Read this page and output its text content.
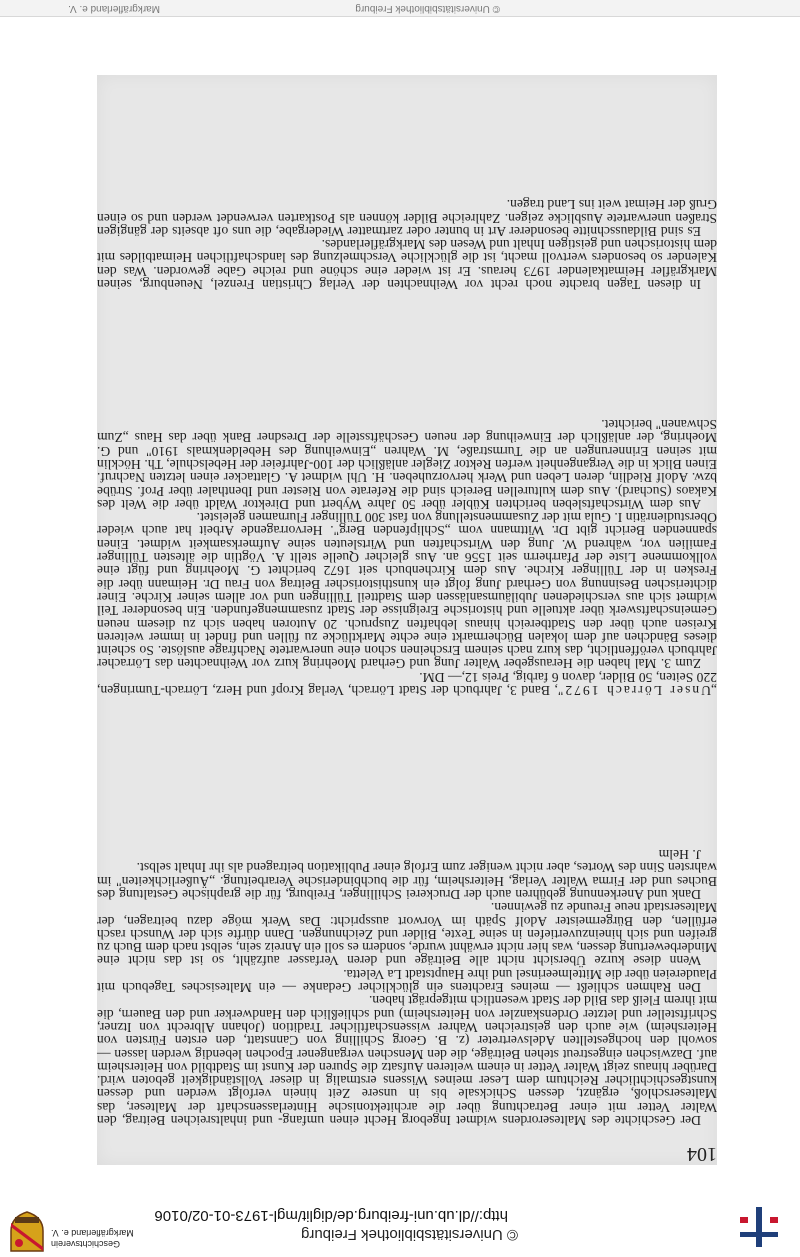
© Universitätsbibliothek Freiburg
http://dl.ub.uni-freiburg.de/diglit/mgl-1973-01-02/0106
Geschichtsverein
Markgräflerland e. V.
104

Der Geschichte des Malteserordens widmet Ingeborg Hecht einen umfang- und inhaltsreichen Beitrag, den Walter Vetter mit einer Betrachtung über die architektonische Hinterlassenschaft der Malteser, das Malteserschloß, ergänzt, dessen Schicksale bis in unsere Zeit hinein verfolgt werden und dessen kunstgeschichtlicher Reichtum dem Leser meines Wissens erstmalig in dieser Vollständigkeit geboten wird. Darüber hinaus zeigt Walter Vetter in einem weiteren Aufsatz die Spuren der Kunst im Stadtbild von Heitersheim auf. Dazwischen eingestreut stehen Beiträge, die den Menschen vergangener Epochen lebendig werden lassen — sowohl den hochgestellten Adelsvertreter (z. B. Georg Schilling von Cannstatt, den ersten Fürsten von Heitersheim) wie auch den geistreichen Wahrer wissenschaftlicher Tradition (Johann Albrecht von Itzner, Schriftsteller und letzter Ordenskanzler von Heitersheim) und schließlich den Handwerker und den Bauern, die mit ihrem Fleiß das Bild der Stadt wesentlich mitgeprägt haben.

Den Rahmen schließt — meines Erachtens ein glücklicher Gedanke — ein Maltesisches Tagebuch mit Plaudereien über die Mittelmeerinsel und ihre Hauptstadt La Veletta.

Wenn diese kurze Übersicht nicht alle Beiträge und deren Verfasser aufzählt, so ist das nicht eine Minderbewertung dessen, was hier nicht erwähnt wurde, sondern es soll ein Anreiz sein, selbst nach dem Buch zu greifen und sich hineinzuvertiefen in seine Texte, Bilder und Zeichnungen. Dann dürfte sich der Wunsch rasch erfüllen, den Bürgermeister Adolf Späth im Vorwort ausspricht: Das Werk möge dazu beitragen, der Malteserstadt neue Freunde zu gewinnen.

Dank und Anerkennung gebühren auch der Druckerei Schillinger, Freiburg, für die graphische Gestaltung des Buches und der Firma Walter Verlag, Heitersheim, für die buchbinderische Verarbeitung. „Äußerlichkeiten" im wahrsten Sinn des Wortes, aber nicht weniger zum Erfolg einer Publikation beitragend als ihr Inhalt selbst.

J. Helm

„Unser Lörrach 1972", Band 3, Jahrbuch der Stadt Lörrach, Verlag Kropf und Herz, Lörrach-Tumringen, 220 Seiten, 50 Bilder, davon 6 farbig, Preis 12,— DM.

Zum 3. Mal haben die Herausgeber Walter Jung und Gerhard Moehring kurz vor Weihnachten das Lörracher Jahrbuch veröffentlicht, das kurz nach seinem Erscheinen schon eine unerwartete Nachfrage auslöste. So scheint dieses Bändchen auf dem lokalen Büchermarkt eine echte Marktlücke zu füllen und findet in immer weiteren Kreisen auch über den Stadtbereich hinaus lebhaften Zuspruch. 20 Autoren haben sich zu diesem neuen Gemeinschaftswerk über aktuelle und historische Ereignisse der Stadt zusammengefunden. Ein besonderer Teil widmet sich aus verschiedenen Jubiläumsanlässen dem Stadtteil Tüllingen und vor allem seiner Kirche. Einer dichterischen Besinnung von Gerhard Jung folgt ein kunsthistorischer Beitrag von Frau Dr. Heimann über die Fresken in der Tüllinger Kirche. Aus dem Kirchenbuch seit 1672 berichtet G. Moehring und fügt eine vollkommene Liste der Pfarrherrn seit 1556 an. Aus gleicher Quelle stellt A. Vögtlin die ältesten Tüllinger Familien vor, während W. Jung den Wirtschaften und Wirtsleuten seine Aufmerksamkeit widmet. Einen spannenden Bericht gibt Dr. Wittmann vom „Schlipfenden Berg". Hervorragende Arbeit hat auch wieder Oberstudienrätin I. Gula mit der Zusammenstellung von fast 300 Tüllinger Flurnamen geleistet.

Aus dem Wirtschaftsleben berichten Kübler über 50 Jahre Wybert und Direktor Waldt über die Welt des Kakaos (Suchard). Aus dem kulturellen Bereich sind die Referate von Riester und Ibenthaler über Prof. Strübe bzw. Adolf Riedlin, deren Leben und Werk hervorzuheben. H. Uhl widmet A. Glattacker einen letzten Nachruf. Einen Blick in die Vergangenheit werfen Rektor Ziegler anläßlich der 100-Jahrfeier der Hebelschule, Th. Höcklin mit seinen Erinnerungen an die Turmstraße, M. Wahren „Einweihung des Hebeldenkmals 1910" und G. Moehring, der anläßlich der Einweihung der neuen Geschäftsstelle der Dresdner Bank über das Haus „Zum Schwanen" berichtet.

In diesen Tagen brachte noch recht vor Weihnachten der Verlag Christian Frenzel, Neuenburg, seinen Markgräfler Heimatkalender 1973 heraus. Er ist wieder eine schöne und reiche Gabe geworden. Was den Kalender so besonders wertvoll macht, ist die glückliche Verschmelzung des landschaftlichen Heimatbildes mit dem historischen und geistigen Inhalt und Wesen des Markgräflerlandes.

Es sind Bildausschnitte besonderer Art in bunter oder zartmatter Wiedergabe, die uns oft abseits der gängigen Straßen unerwartete Ausblicke zeigen. Zahlreiche Bilder können als Postkarten verwendet werden und so einen Gruß der Heimat weit ins Land tragen.

© Universitätsbibliothek Freiburg
Markgräflerland e. V.
